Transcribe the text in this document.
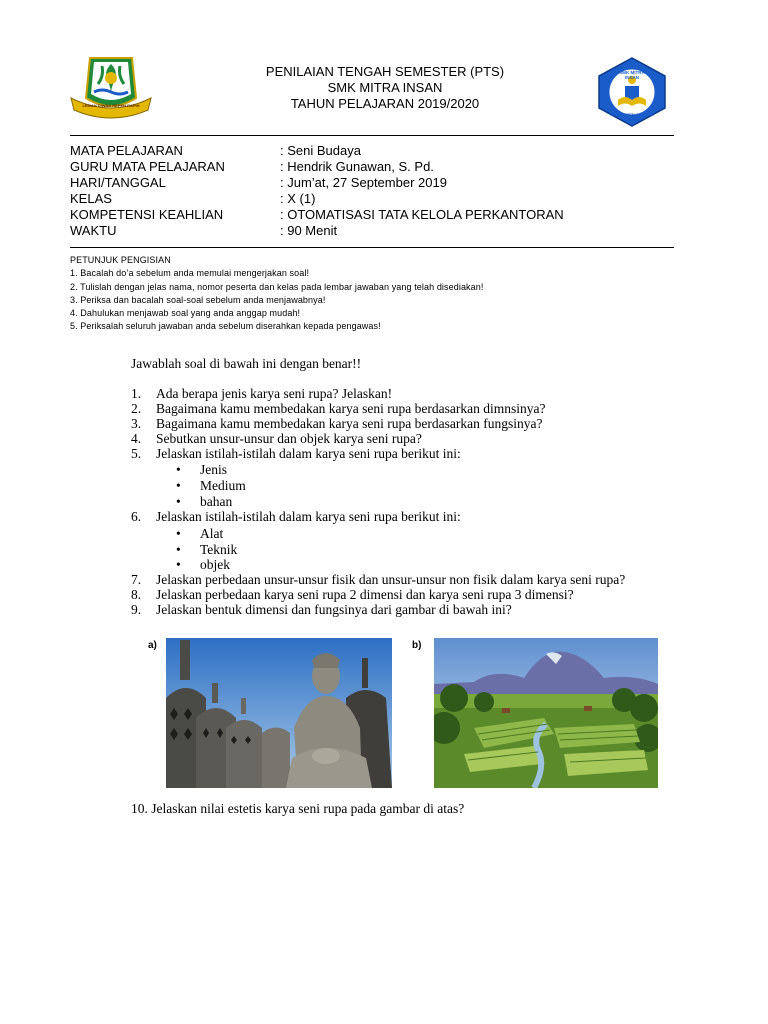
LEMAH DIWAN REPEH RAPIH
PENILAIAN TENGAH SEMESTER (PTS)
SMK MITRA INSAN
TAHUN PELAJARAN 2019/2020
SMK MITRA INSAN
KABUPATEN CIANJUR
MATA PELAJARAN	: Seni Budaya
GURU MATA PELAJARAN	: Hendrik Gunawan, S. Pd.
HARI/TANGGAL	: Jum’at, 27 September 2019
KELAS	: X (1)
KOMPETENSI KEAHLIAN	: OTOMATISASI TATA KELOLA PERKANTORAN
WAKTU	: 90 Menit
PETUNJUK PENGISIAN
1. Bacalah do’a sebelum anda memulai mengerjakan soal!
2. Tulislah dengan jelas nama, nomor peserta dan kelas pada lembar jawaban yang telah disediakan!
3. Periksa dan bacalah soal-soal sebelum anda menjawabnya!
4. Dahulukan menjawab soal yang anda anggap mudah!
5. Periksalah seluruh jawaban anda sebelum diserahkan kepada pengawas!
Jawablah soal di bawah ini dengan benar!!
1. Ada berapa jenis karya seni rupa? Jelaskan!
2. Bagaimana kamu membedakan karya seni rupa berdasarkan dimnsinya?
3. Bagaimana kamu membedakan karya seni rupa berdasarkan fungsinya?
4. Sebutkan unsur-unsur dan objek karya seni rupa?
5. Jelaskan istilah-istilah dalam karya seni rupa berikut ini:
• Jenis
• Medium
• bahan
6. Jelaskan istilah-istilah dalam karya seni rupa berikut ini:
• Alat
• Teknik
• objek
7. Jelaskan perbedaan unsur-unsur fisik dan unsur-unsur non fisik dalam karya seni rupa?
8. Jelaskan perbedaan karya seni rupa 2 dimensi dan karya seni rupa 3 dimensi?
9. Jelaskan bentuk dimensi dan fungsinya dari gambar di bawah ini?
a)	b)
10. Jelaskan nilai estetis karya seni rupa pada gambar di atas?
